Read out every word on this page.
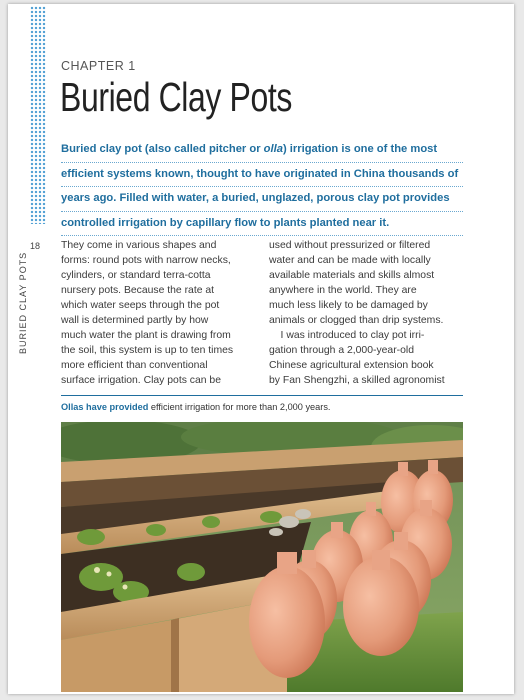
CHAPTER 1
Buried Clay Pots
Buried clay pot (also called pitcher or olla) irrigation is one of the most
efficient systems known, thought to have originated in China thousands of
years ago. Filled with water, a buried, unglazed, porous clay pot provides
controlled irrigation by capillary flow to plants planted near it.
18
BURIED CLAY POTS
They come in various shapes and
forms: round pots with narrow necks,
cylinders, or standard terra-cotta
nursery pots. Because the rate at
which water seeps through the pot
wall is determined partly by how
much water the plant is drawing from
the soil, this system is up to ten times
more efficient than conventional
surface irrigation. Clay pots can be
used without pressurized or filtered
water and can be made with locally
available materials and skills almost
anywhere in the world. They are
much less likely to be damaged by
animals or clogged than drip systems.
I was introduced to clay pot irri-
gation through a 2,000-year-old
Chinese agricultural extension book
by Fan Shengzhi, a skilled agronomist
Ollas have provided efficient irrigation for more than 2,000 years.
